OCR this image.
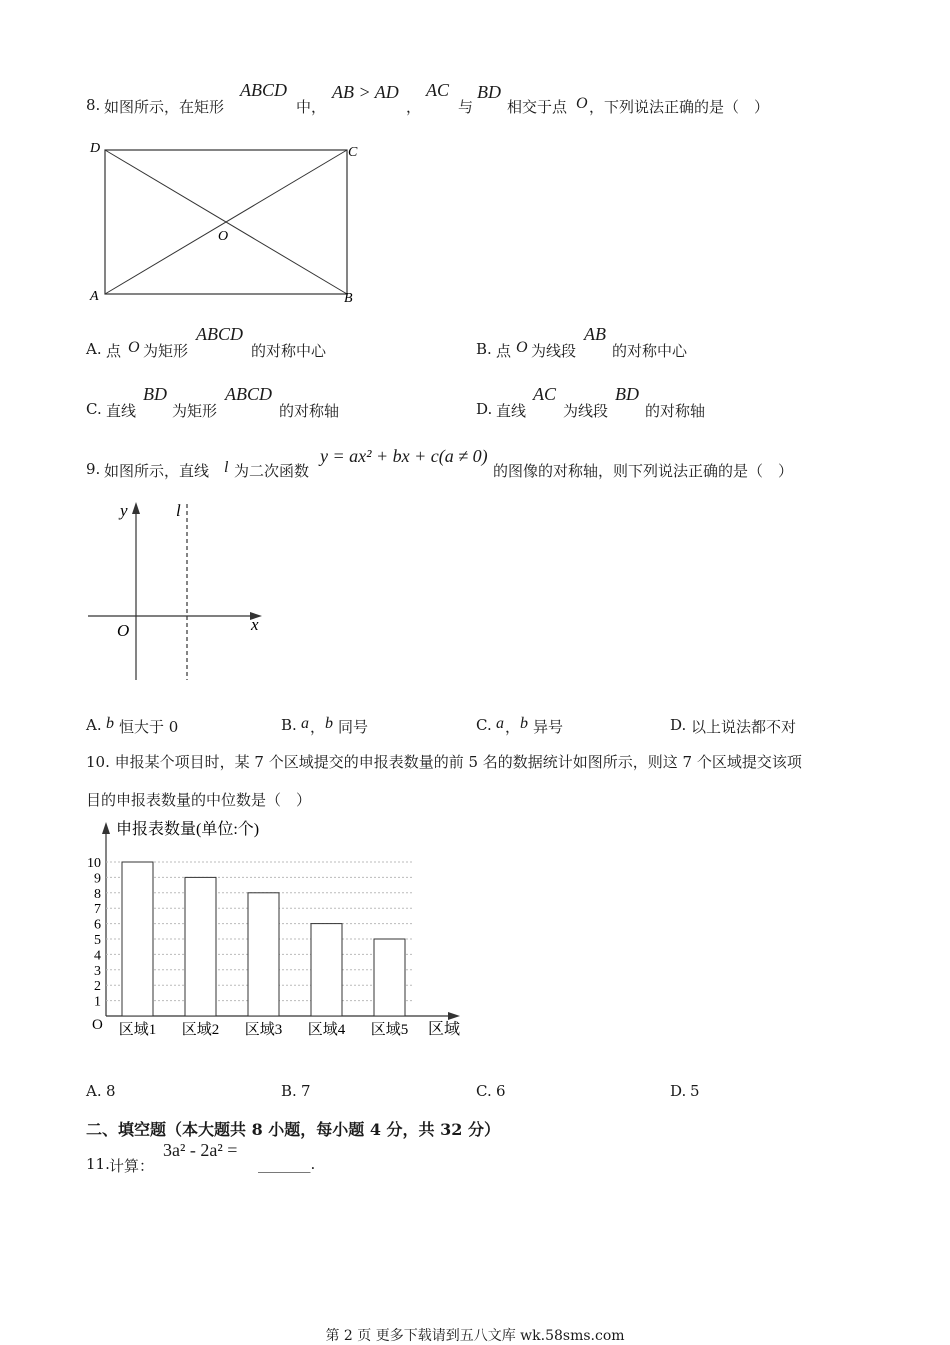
8. 如图所示，在矩形
ABCD
中，
AB > AD
，
AC
与
BD
相交于点 O ，下列说法正确的是（　）
D	C
A	B
O
A. 点 O 为矩形
ABCD
的对称中心	B. 点 O 为线段
AB
的对称中心
C. 直线
BD
为矩形
ABCD
的对称轴	D. 直线
AC
为线段
BD
的对称轴
9. 如图所示，直线 l 为二次函数
y = ax² + bx + c(a ≠ 0)
的图像的对称轴，则下列说法正确的是（　）
y	l
x
O
A. b 恒大于 0	B. a ， b 同号	C. a ， b 异号	D. 以上说法都不对
10. 申报某个项目时，某 7 个区域提交的申报表数量的前 5 名的数据统计如图所示，则这 7 个区域提交该项
目的申报表数量的中位数是（　）
申报表数量(单位:个)
区域
O
1
2
3
4
5
6
7
8
9
10
区域1 区域2 区域3 区域4 区域5
A. 8	B. 7	C. 6	D. 5
二、填空题（本大题共 8 小题，每小题 4 分，共 32 分）
11. 计算：
3a² - 2a² =
_______.
第 2 页 更多下载请到五八文库 wk.58sms.com
